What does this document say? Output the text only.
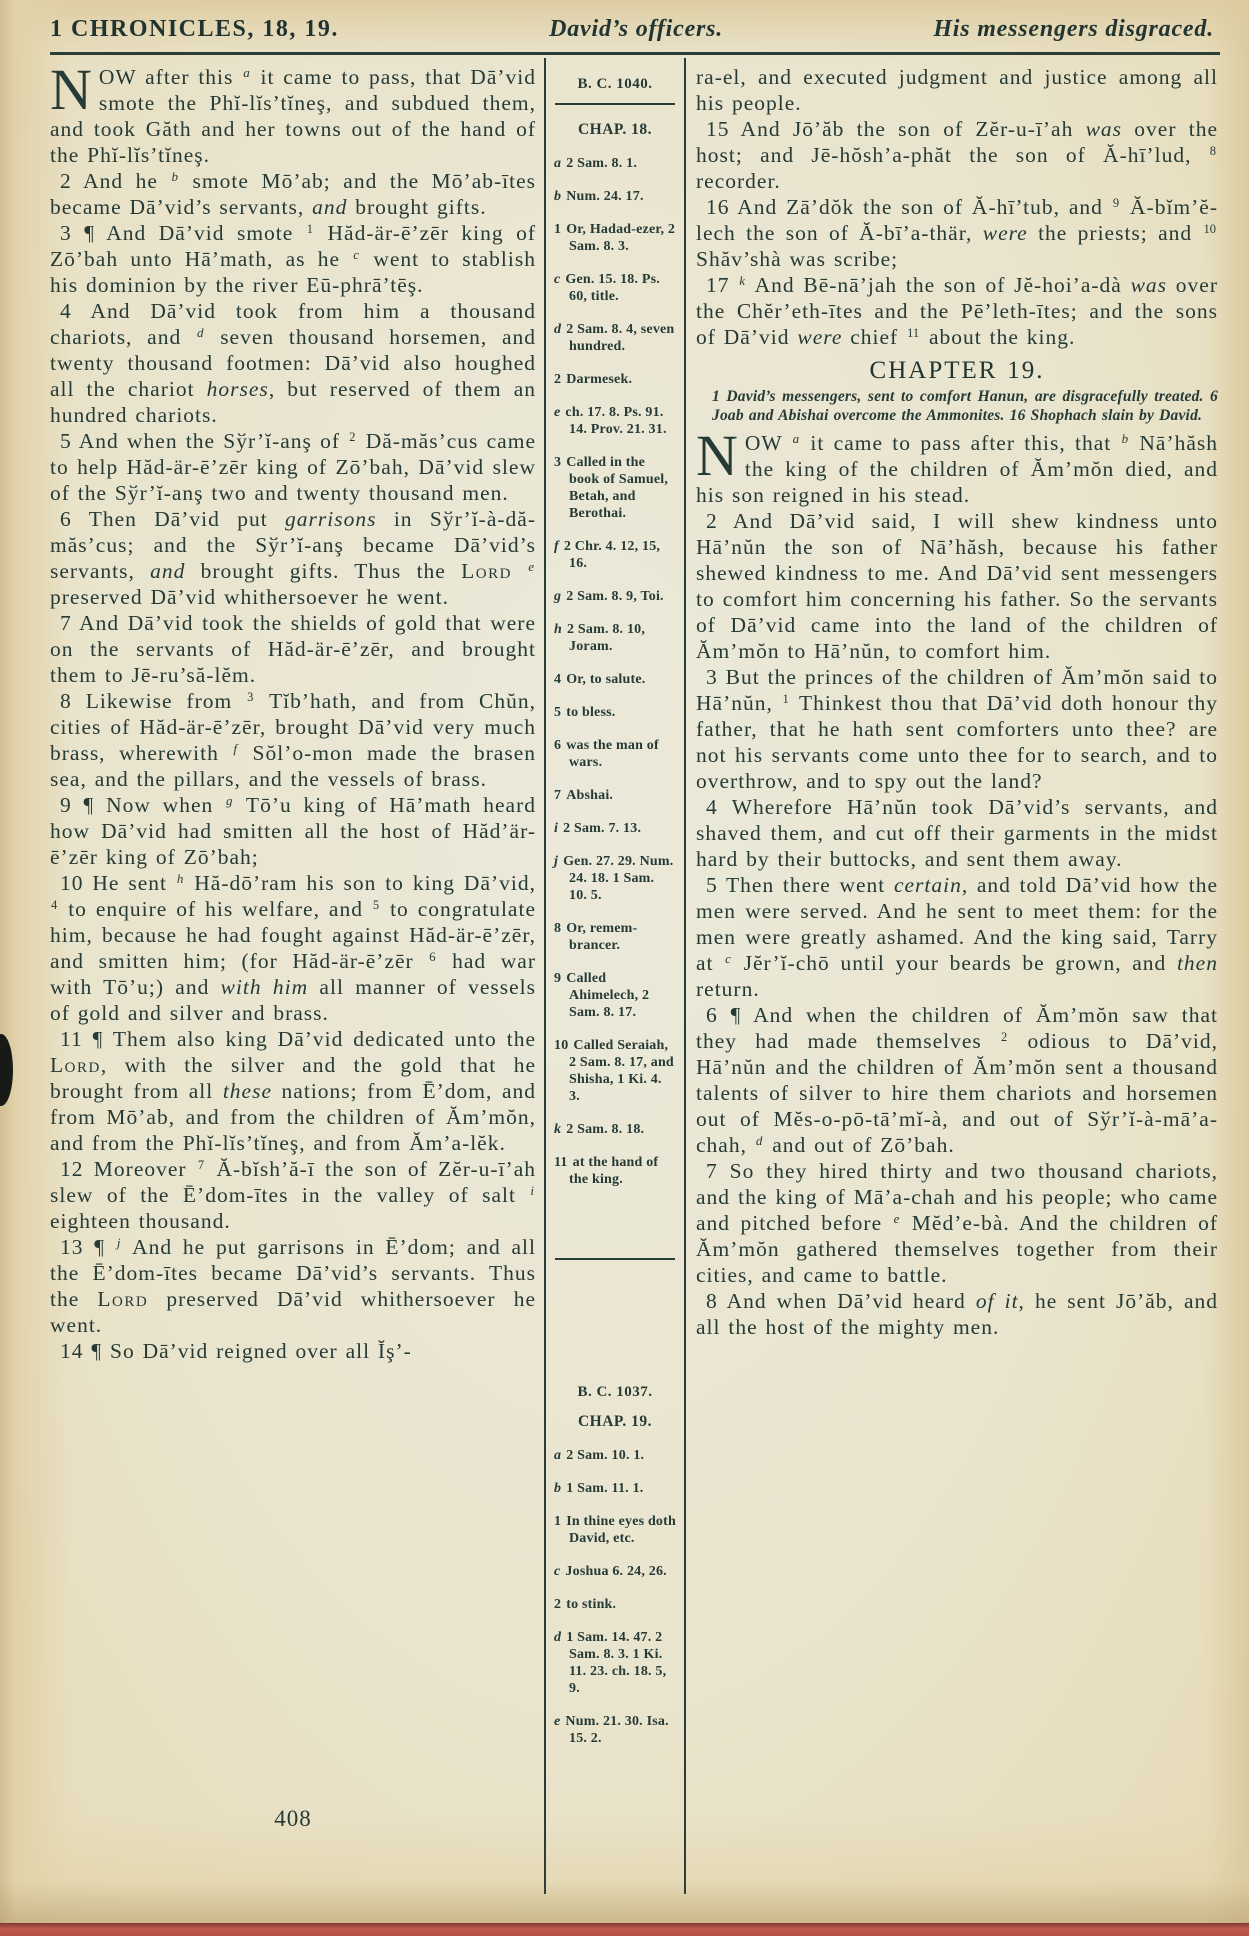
1 CHRONICLES, 18, 19.	David’s officers.	His messengers disgraced.
NOW after this $^a$ it came to pass, that Dā’vid smote the Phĭ-lĭs’tĭneş, and subdued them, and took Găth and her towns out of the hand of the Phĭ-lĭs’tĭneş.
2 And he $^b$ smote Mō’ab; and the Mō’ab-ītes became Dā’vid’s servants, and brought gifts.
3 ¶ And Dā’vid smote $^1$ Hăd-är-ē’zēr king of Zō’bah unto Hā’math, as he $^c$ went to stablish his dominion by the river Eū-phrā’tēş.
4 And Dā’vid took from him a thousand chariots, and $^d$ seven thousand horsemen, and twenty thousand footmen: Dā’vid also houghed all the chariot horses, but reserved of them an hundred chariots.
5 And when the Sўr’ĭ-anş of $^2$ Dă-măs’cus came to help Hăd-är-ē’zēr king of Zō’bah, Dā’vid slew of the Sўr’ĭ-anş two and twenty thousand men.
6 Then Dā’vid put garrisons in Sўr’ĭ-à-dă-măs’cus; and the Sўr’ĭ-anş became Dā’vid’s servants, and brought gifts. Thus the Lord $^e$ preserved Dā’vid whithersoever he went.
7 And Dā’vid took the shields of gold that were on the servants of Hăd-är-ē’zēr, and brought them to Jē-ru’să-lĕm.
8 Likewise from $^3$ Tĭb’hath, and from Chŭn, cities of Hăd-är-ē’zēr, brought Dā’vid very much brass, wherewith $^f$ Sŏl’o-mon made the brasen sea, and the pillars, and the vessels of brass.
9 ¶ Now when $^g$ Tō’u king of Hā’math heard how Dā’vid had smitten all the host of Hăd’är-ē’zēr king of Zō’bah;
10 He sent $^h$ Hă-dō’ram his son to king Dā’vid, $^4$ to enquire of his welfare, and $^5$ to congratulate him, because he had fought against Hăd-är-ē’zēr, and smitten him; (for Hăd-är-ē’zēr $^6$ had war with Tō’u;) and with him all manner of vessels of gold and silver and brass.
11 ¶ Them also king Dā’vid dedicated unto the Lord, with the silver and the gold that he brought from all these nations; from Ē’dom, and from Mō’ab, and from the children of Ăm’mŏn, and from the Phĭ-lĭs’tĭneş, and from Ăm’a-lĕk.
12 Moreover $^7$ Ă-bĭsh’ă-ī the son of Zĕr-u-ī’ah slew of the Ē’dom-ītes in the valley of salt $^i$ eighteen thousand.
13 ¶ $^j$ And he put garrisons in Ē’dom; and all the Ē’dom-ītes became Dā’vid’s servants. Thus the Lord preserved Dā’vid whithersoever he went.
14 ¶ So Dā’vid reigned over all Ĭş’-
B. C. 1040.
CHAP. 18.
a 2 Sam. 8. 1.
b Num. 24. 17.
1 Or, Hadad-ezer, 2 Sam. 8. 3.
c Gen. 15. 18. Ps. 60, title.
d 2 Sam. 8. 4, seven hundred.
2 Darmesek.
e ch. 17. 8. Ps. 91. 14. Prov. 21. 31.
3 Called in the book of Samuel, Betah, and Berothai.
f 2 Chr. 4. 12, 15, 16.
g 2 Sam. 8. 9, Toi.
h 2 Sam. 8. 10, Joram.
4 Or, to salute.
5 to bless.
6 was the man of wars.
7 Abshai.
i 2 Sam. 7. 13.
j Gen. 27. 29. Num. 24. 18. 1 Sam. 10. 5.
8 Or, remem-brancer.
9 Called Ahimelech, 2 Sam. 8. 17.
10 Called Seraiah, 2 Sam. 8. 17, and Shisha, 1 Ki. 4. 3.
k 2 Sam. 8. 18.
11 at the hand of the king.
B. C. 1037.
CHAP. 19.
a 2 Sam. 10. 1.
b 1 Sam. 11. 1.
1 In thine eyes doth David, etc.
c Joshua 6. 24, 26.
2 to stink.
d 1 Sam. 14. 47. 2 Sam. 8. 3. 1 Ki. 11. 23. ch. 18. 5, 9.
e Num. 21. 30. Isa. 15. 2.
ra-el, and executed judgment and justice among all his people.
15 And Jō’ăb the son of Zĕr-u-ī’ah was over the host; and Jē-hŏsh’a-phăt the son of Ă-hī’lud, $^8$ recorder.
16 And Zā’dŏk the son of Ă-hī’tub, and $^9$ Ă-bĭm’ĕ-lech the son of Ă-bī’a-thär, were the priests; and $^{10}$ Shăv’shà was scribe;
17 $^k$ And Bē-nā’jah the son of Jĕ-hoi’a-dà was over the Chĕr’eth-ītes and the Pē’leth-ītes; and the sons of Dā’vid were chief $^{11}$ about the king.
CHAPTER 19.
1 David’s messengers, sent to comfort Hanun, are disgracefully treated. 6 Joab and Abishai overcome the Ammonites. 16 Shophach slain by David.
NOW $^a$ it came to pass after this, that $^b$ Nā’hăsh the king of the children of Ăm’mŏn died, and his son reigned in his stead.
2 And Dā’vid said, I will shew kindness unto Hā’nŭn the son of Nā’hăsh, because his father shewed kindness to me. And Dā’vid sent messengers to comfort him concerning his father. So the servants of Dā’vid came into the land of the children of Ăm’mŏn to Hā’nŭn, to comfort him.
3 But the princes of the children of Ăm’mŏn said to Hā’nŭn, $^1$ Thinkest thou that Dā’vid doth honour thy father, that he hath sent comforters unto thee? are not his servants come unto thee for to search, and to overthrow, and to spy out the land?
4 Wherefore Hā’nŭn took Dā’vid’s servants, and shaved them, and cut off their garments in the midst hard by their buttocks, and sent them away.
5 Then there went certain, and told Dā’vid how the men were served. And he sent to meet them: for the men were greatly ashamed. And the king said, Tarry at $^c$ Jĕr’ĭ-chō until your beards be grown, and then return.
6 ¶ And when the children of Ăm’mŏn saw that they had made themselves $^2$ odious to Dā’vid, Hā’nŭn and the children of Ăm’mŏn sent a thousand talents of silver to hire them chariots and horsemen out of Mĕs-o-pō-tā’mĭ-à, and out of Sўr’ĭ-à-mā’a-chah, $^d$ and out of Zō’bah.
7 So they hired thirty and two thousand chariots, and the king of Mā’a-chah and his people; who came and pitched before $^e$ Mĕd’e-bà. And the children of Ăm’mŏn gathered themselves together from their cities, and came to battle.
8 And when Dā’vid heard of it, he sent Jō’ăb, and all the host of the mighty men.
408
